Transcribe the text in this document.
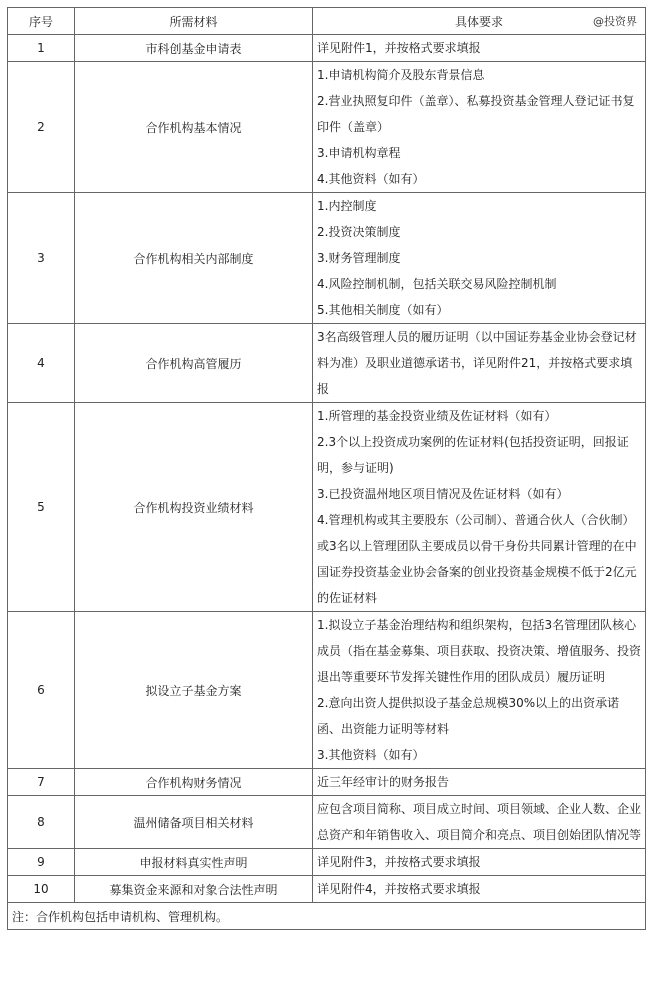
序号	所需材料	具体要求 @投资界

1	市科创基金申请表	详见附件1，并按格式要求填报

2	合作机构基本情况	1.申请机构简介及股东背景信息
2.营业执照复印件（盖章）、私募投资基金管理人登记证书复印件（盖章）
3.申请机构章程
4.其他资料（如有）

3	合作机构相关内部制度	1.内控制度
2.投资决策制度
3.财务管理制度
4.风险控制机制，包括关联交易风险控制机制
5.其他相关制度（如有）

4	合作机构高管履历	3名高级管理人员的履历证明（以中国证券基金业协会登记材料为准）及职业道德承诺书，详见附件21，并按格式要求填报

5	合作机构投资业绩材料	1.所管理的基金投资业绩及佐证材料（如有）
2.3个以上投资成功案例的佐证材料(包括投资证明，回报证明，参与证明)
3.已投资温州地区项目情况及佐证材料（如有）
4.管理机构或其主要股东（公司制）、普通合伙人（合伙制）或3名以上管理团队主要成员以骨干身份共同累计管理的在中国证券投资基金业协会备案的创业投资基金规模不低于2亿元的佐证材料

6	拟设立子基金方案	1.拟设立子基金治理结构和组织架构，包括3名管理团队核心成员（指在基金募集、项目获取、投资决策、增值服务、投资退出等重要环节发挥关键性作用的团队成员）履历证明
2.意向出资人提供拟设子基金总规模30%以上的出资承诺函、出资能力证明等材料
3.其他资料（如有）

7	合作机构财务情况	近三年经审计的财务报告

8	温州储备项目相关材料	应包含项目简称、项目成立时间、项目领域、企业人数、企业总资产和年销售收入、项目简介和亮点、项目创始团队情况等

9	申报材料真实性声明	详见附件3，并按格式要求填报

10	募集资金来源和对象合法性声明	详见附件4，并按格式要求填报

注：合作机构包括申请机构、管理机构。		
